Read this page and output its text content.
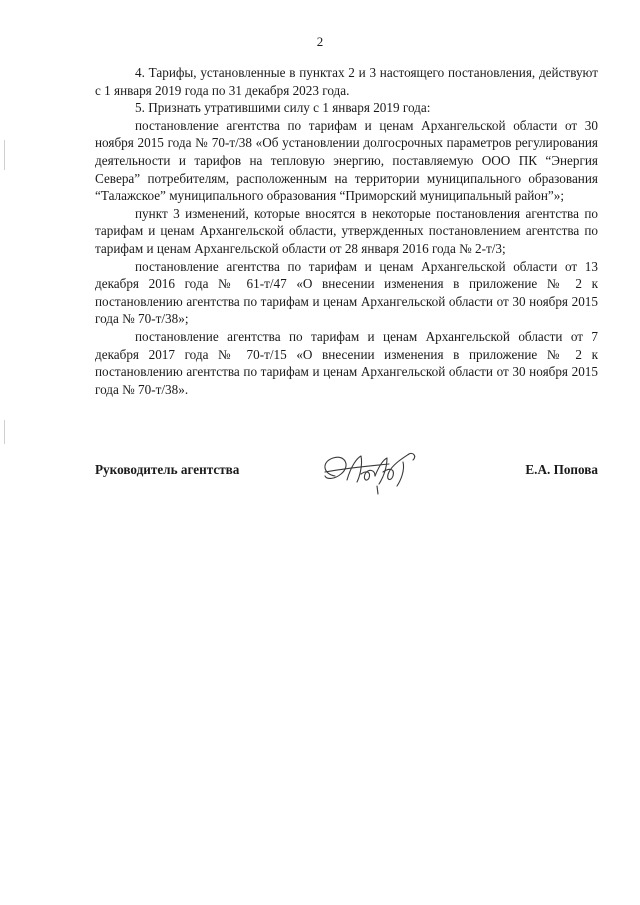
2

4. Тарифы, установленные в пунктах 2 и 3 настоящего постановления, действуют с 1 января 2019 года по 31 декабря 2023 года.

5. Признать утратившими силу с 1 января 2019 года:

постановление агентства по тарифам и ценам Архангельской области от 30 ноября 2015 года № 70-т/38 «Об установлении долгосрочных параметров регулирования деятельности и тарифов на тепловую энергию, поставляемую ООО ПК “Энергия Севера” потребителям, расположенным на территории муниципального образования “Талажское” муниципального образования “Приморский муниципальный район”»;

пункт 3 изменений, которые вносятся в некоторые постановления агентства по тарифам и ценам Архангельской области, утвержденных постановлением агентства по тарифам и ценам Архангельской области от 28 января 2016 года № 2-т/3;

постановление агентства по тарифам и ценам Архангельской области от 13 декабря 2016 года № 61-т/47 «О внесении изменения в приложение № 2 к постановлению агентства по тарифам и ценам Архангельской области от 30 ноября 2015 года № 70-т/38»;

постановление агентства по тарифам и ценам Архангельской области от 7 декабря 2017 года № 70-т/15 «О внесении изменения в приложение № 2 к постановлению агентства по тарифам и ценам Архангельской области от 30 ноября 2015 года № 70-т/38».

Руководитель агентства	Е.А. Попова
